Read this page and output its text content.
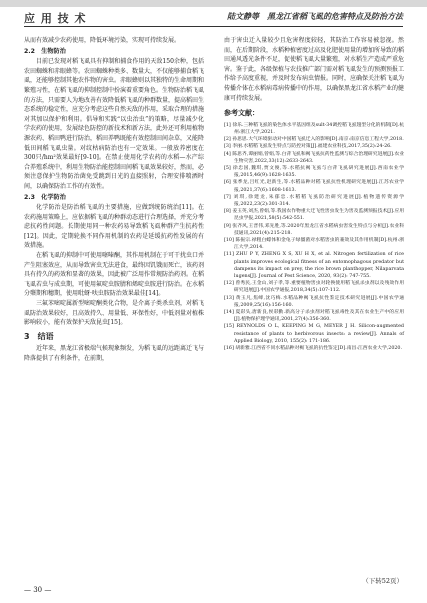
应 用 技 术	陆文静等　黑龙江省稻飞虱的危害特点及防治方法

从而有效减少农药使用，降低环境污染，实现可持续发展。

2.2　生物防治

目前已发现对稻飞虱具有抑制和捕食作用的天敌150余种，包括农田蜘蛛和赤眼蜂等。农田蜘蛛种类多、数量大，不仅能够捕食稻飞虱，还能够控制其他农作物的害虫。赤眼蜂则以其独特的生命周期和繁殖习性，在稻飞虱的抑制控制中扮演着重要角色。生物防治稻飞虱的方法，只需要人为地改善有效降低稻飞虱的种群数量，提高稻田生态系统的稳定性，应充分考虑这些自然天敌的作用，采取合理的措施对其加以保护和利用。倡导和实践“以虫治虫”的策略，尽量减少化学农药的使用，发展绿色防控的新技术和新方法，此外还可利用植物源农药、稻田鸭进行防治，稻田养鸭既能有效控制田间杂草，又能降低田间稻飞虱虫量。对纹枯病防治也有一定效果。一般放养密度在300只/hm²效果最好[9-10]。在禁止使用化学农药的水稻—水产综合养殖系统中，利用生物防治能控制田间稻飞虱效果较好，然而，必须注意保护生物防治菌免受跳到日光的直接照射，合理安排喷洒时间，以确保防治工作的有效性。

2.3　化学防治

化学防治是防治稻飞虱的主要措施，应做到统防统治[11]。在农药施用策略上，应依据稻飞虱的种群动态进行合理选择，并充分考虑抗药性问题。长期使用同一种农药易导致稻飞虱种群产生抗药性[12]。因此，定期轮换不同作用机制的农药是延缓抗药性发展的有效措施。

在稻飞虱的抑制中可使用噻嗪酮，其作用机制在于可干扰虫口并产生阻塞效应，从而导致害虫无法进食，最终因饥饿而死亡，该药剂具有持久的药效和显著的效果，因此被广泛用作常规防治药剂。在稻飞虱若虫与成虫期，可使用氟啶虫胺腈和烯啶虫胺进行防治。在水稻分蘖期和穗期，使用吡蚜·呋虫胺防治效果最佳[14]。

三氟苯嘧啶属新型嘧啶酮类化合物，是介离子类杀虫剂，对稻飞虱防治效果较好，且高效持久、用量低、环保性好，中低剂量对植株影响较小，能有效保护天敌昆虫[15]。

3　结语

近年来，黑龙江省极端气候现象频发，为稻飞虱的远距离迁飞与降落提供了有利条件，在前期，

由于害虫迁入量较少且危害程度较轻，其防治工作容易被忽视。然而，在后期阶段，水稻种植密度过高及化肥使用量的增加所导致的稻田通风透光条件不足，促使稻飞虱大量繁殖，对水稻生产造成严重危害。鉴于此，各级保植与农技推广部门需对稻飞虱发生的预测预报工作给予高度重视，并及时发布病虫情报。同时，应确保关注稻飞虱为传播介体在水稻病毒病传播中的作用，以确保黑龙江省水稻产业的健康可持续发展。

参考文献：

[1] 徐乐.三种稻飞虱的染色体水平基因组及sult-34调控稻飞虱翅型分化的机制[D].杭州:浙江大学,2021.

[2] 孙思思.大气环境驱动对中国稻飞虱迁入的影响[D].南京:南京信息工程大学,2018.

[3] 李丽.水稻稻飞虱发生特点与防控对策[J].福建农业科技,2017,35(2):24-26.

[4] 陈思齐,谭丽娟,曾娟,等.白背飞虱和褐飞虱抗药性监测与综合治理研究进展[J].农业生物灾害,2022,33(12):2633-2643.

[5] 徐忠国,魏琪,贾文俊,等.水稻抗褐飞虱与白背飞虱研究进展[J].西南农业学报,2015,46(9):1628-1635.

[6] 张季龙,吕红光,赵新生,等.水稻品种对稻飞虱抗性机理研究进展[J].江苏农业学报,2021,37(6):1608-1613.

[7] 刘琪,徐建龙,朱郁忠.水稻稻飞虱防治研究进展[J].植物遗传资源学报,2022,23(2):301-314.

[8] 姜玉英,刘杰,曾娟,等.我国农作物重大迁飞性害虫发生为害及监测预报技术[J].应用昆虫学报,2021,58(5):542-551.

[9] 张齐风,王晋伟,邓先胜,等.2020年黑龙江省水稻病虫害发生特点与分析[J].农业科技通讯,2021(4):215-218.

[10] 陈振宗.禄粗白蠓体和金龟子绿僵菌对水稻害虫的兼效及其作用机制[D].杭州:浙江大学,2014.

[11] ZHU P Y, ZHENG X S, XU H X, et al. Nitrogen fertilization of rice plants improves ecological fitness of an entomophagous predator but dampens its impact on prey, the rice brown planthopper, Nilaparvata lugens[J]. Journal of Pest Science, 2020, 93(2): 747-755.

[12] 曾秀民,王金山,刘子孝,等.重要植物害虫对轮换使用稻飞虱杀虫剂以及残效作用研究进展[J].中国农学通报,2018,34(5):107-112.

[13] 黄玉凡,焦峰,沈巧梅.水稻品种褐飞虱抗性鉴定技术研究进展[J].中国农学通报,2009,25(16):156-160.

[14] 夏彩头,唐新良,侯彩勤.新高分子杀虫剂对稻飞虱毒性及其在农业生产中的应用[J].植物保护理学通讯,2001,27(4):356-360.

[15] REYNOLDS O L, KEEPING M G, MEYER J H. Silicon-augmented resistance of plants to herbivorous insects: a review[J]. Annals of Applied Biology, 2010, 155(2): 171-186.

[16] 胡新雅.江西省不同水稻品种对褐飞虱的抗性鉴定[D].南昌:江西农业大学,2020.

— 30 —
（下转52页）
